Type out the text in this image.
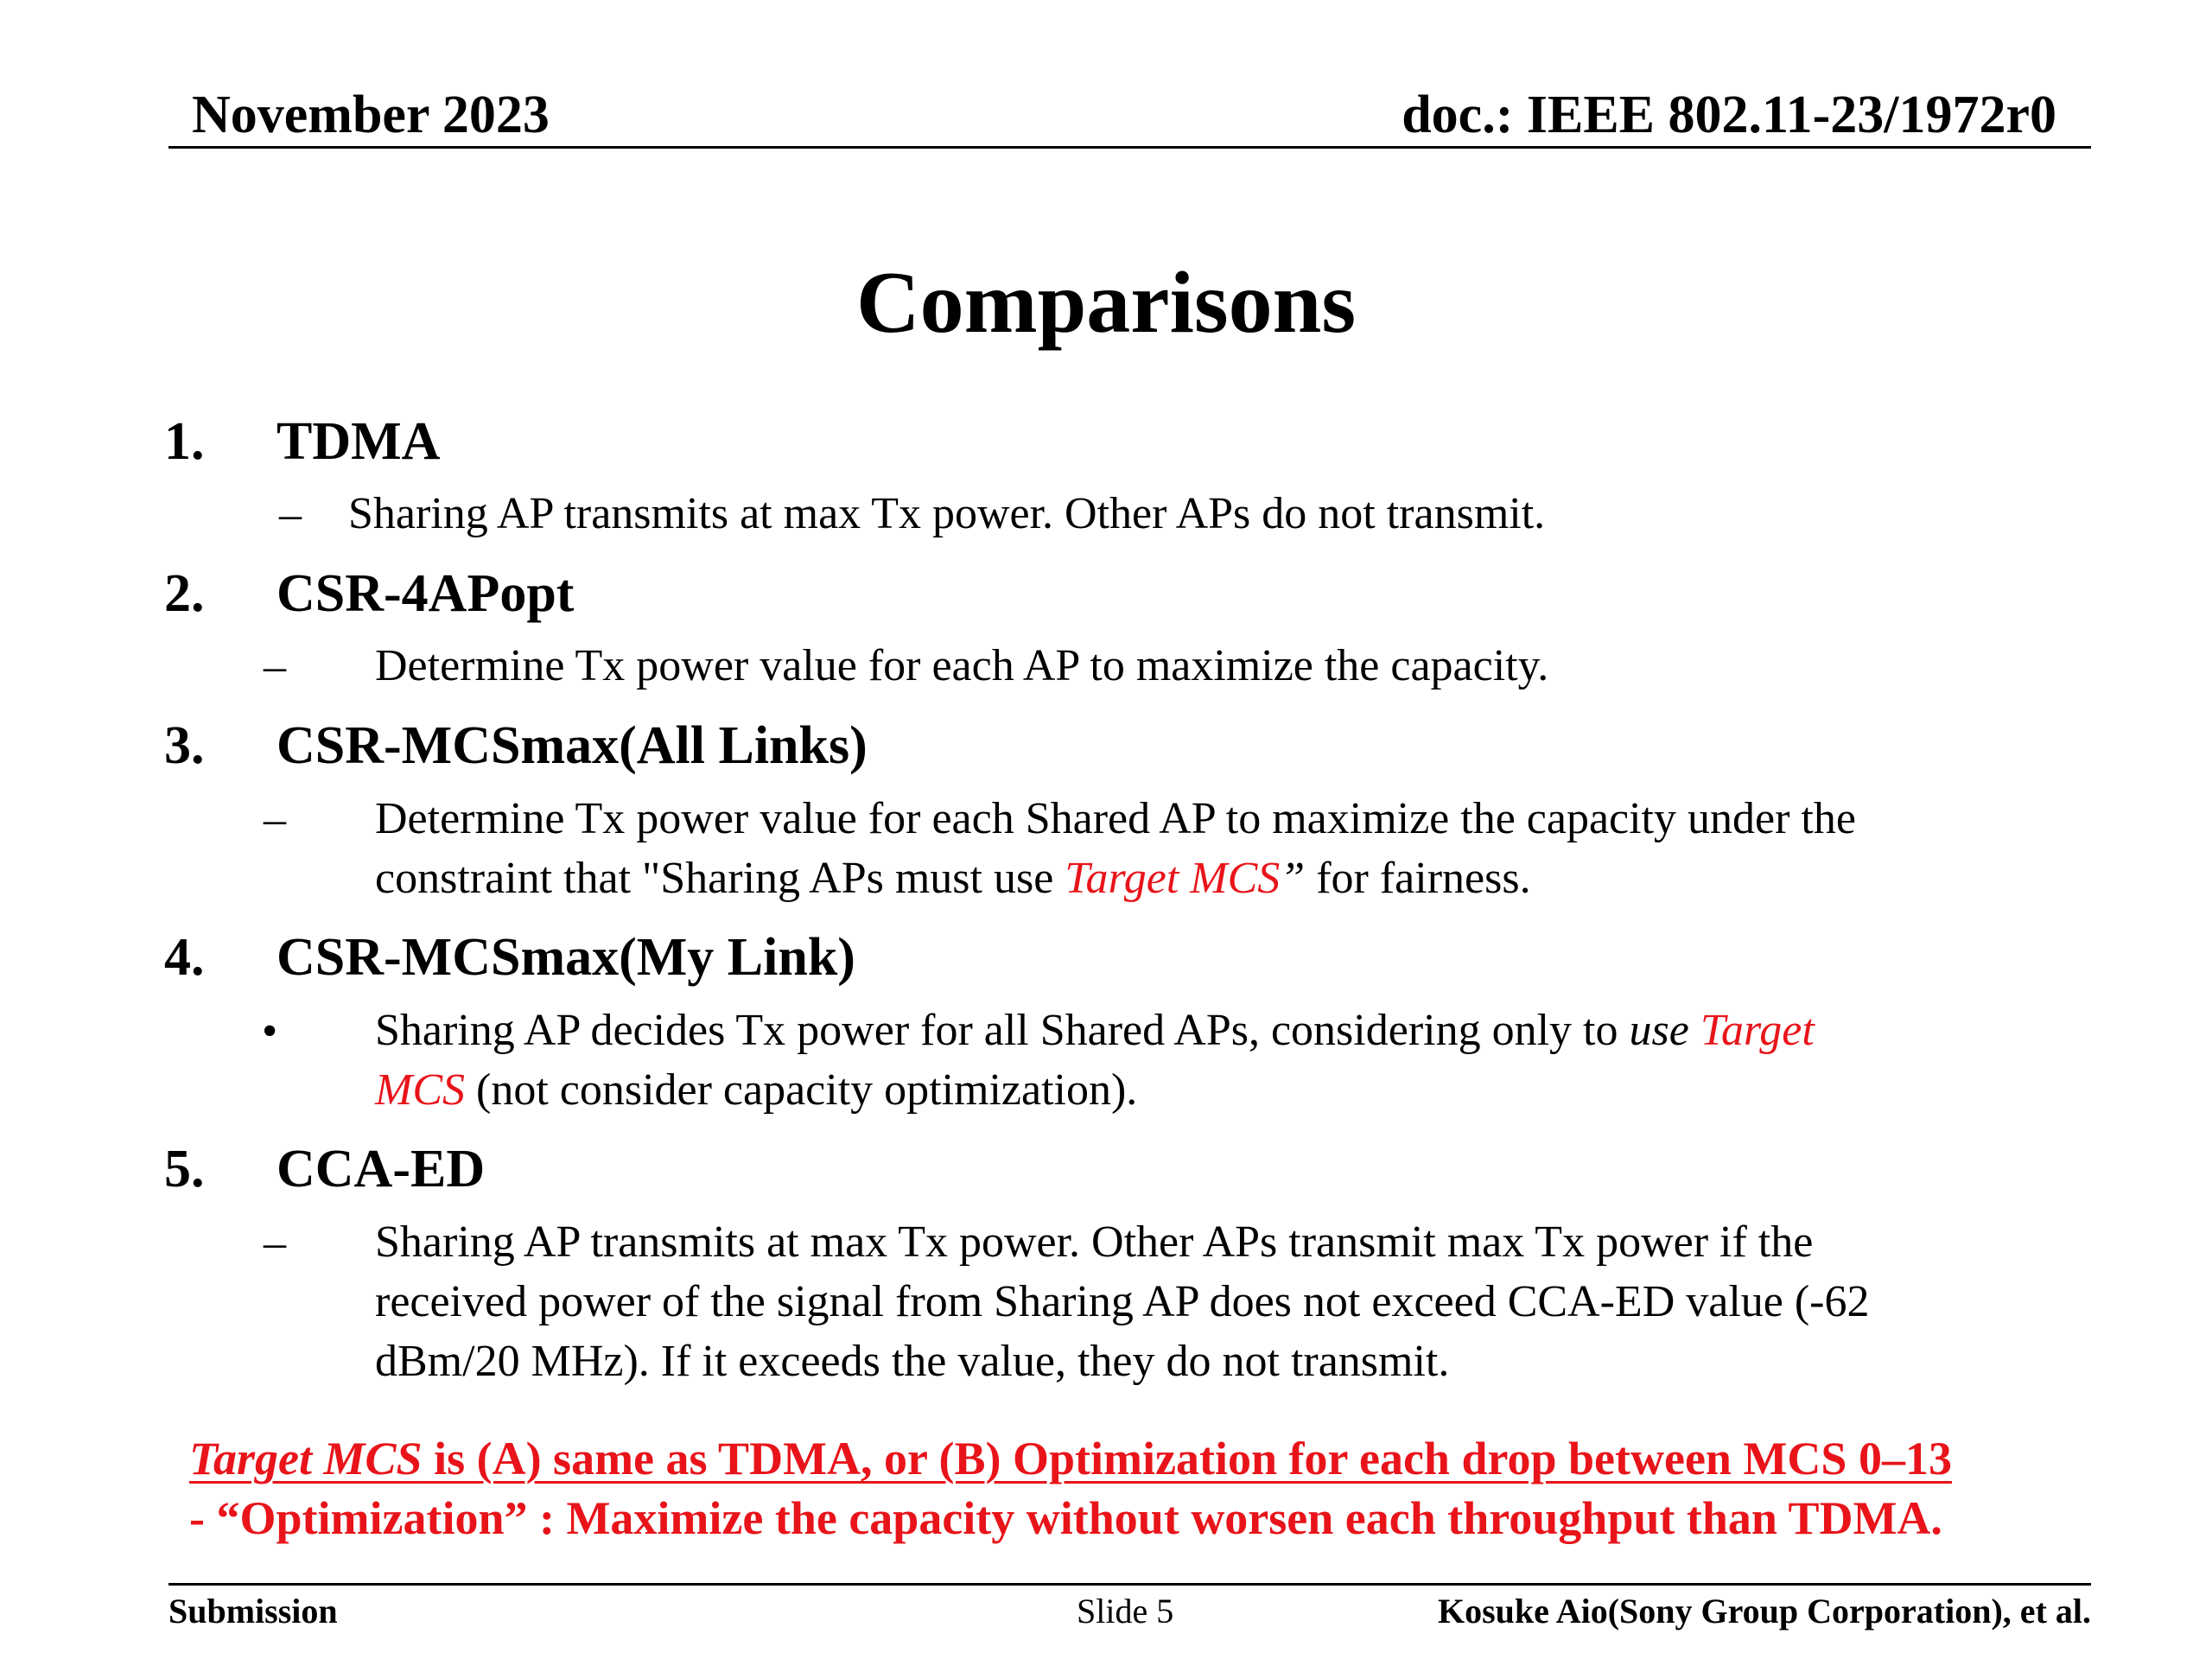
November 2023	doc.: IEEE 802.11-23/1972r0
Comparisons
1. TDMA
– Sharing AP transmits at max Tx power. Other APs do not transmit.
2. CSR-4APopt
– Determine Tx power value for each AP to maximize the capacity.
3. CSR-MCSmax(All Links)
– Determine Tx power value for each Shared AP to maximize the capacity under the
constraint that "Sharing APs must use Target MCS” for fairness.
4. CSR-MCSmax(My Link)
• Sharing AP decides Tx power for all Shared APs, considering only to use Target
MCS (not consider capacity optimization).
5. CCA-ED
– Sharing AP transmits at max Tx power. Other APs transmit max Tx power if the
received power of the signal from Sharing AP does not exceed CCA-ED value (-62
dBm/20 MHz). If it exceeds the value, they do not transmit.
Target MCS is (A) same as TDMA, or (B) Optimization for each drop between MCS 0–13
- “Optimization” : Maximize the capacity without worsen each throughput than TDMA.
Submission	Slide 5	Kosuke Aio(Sony Group Corporation), et al.
